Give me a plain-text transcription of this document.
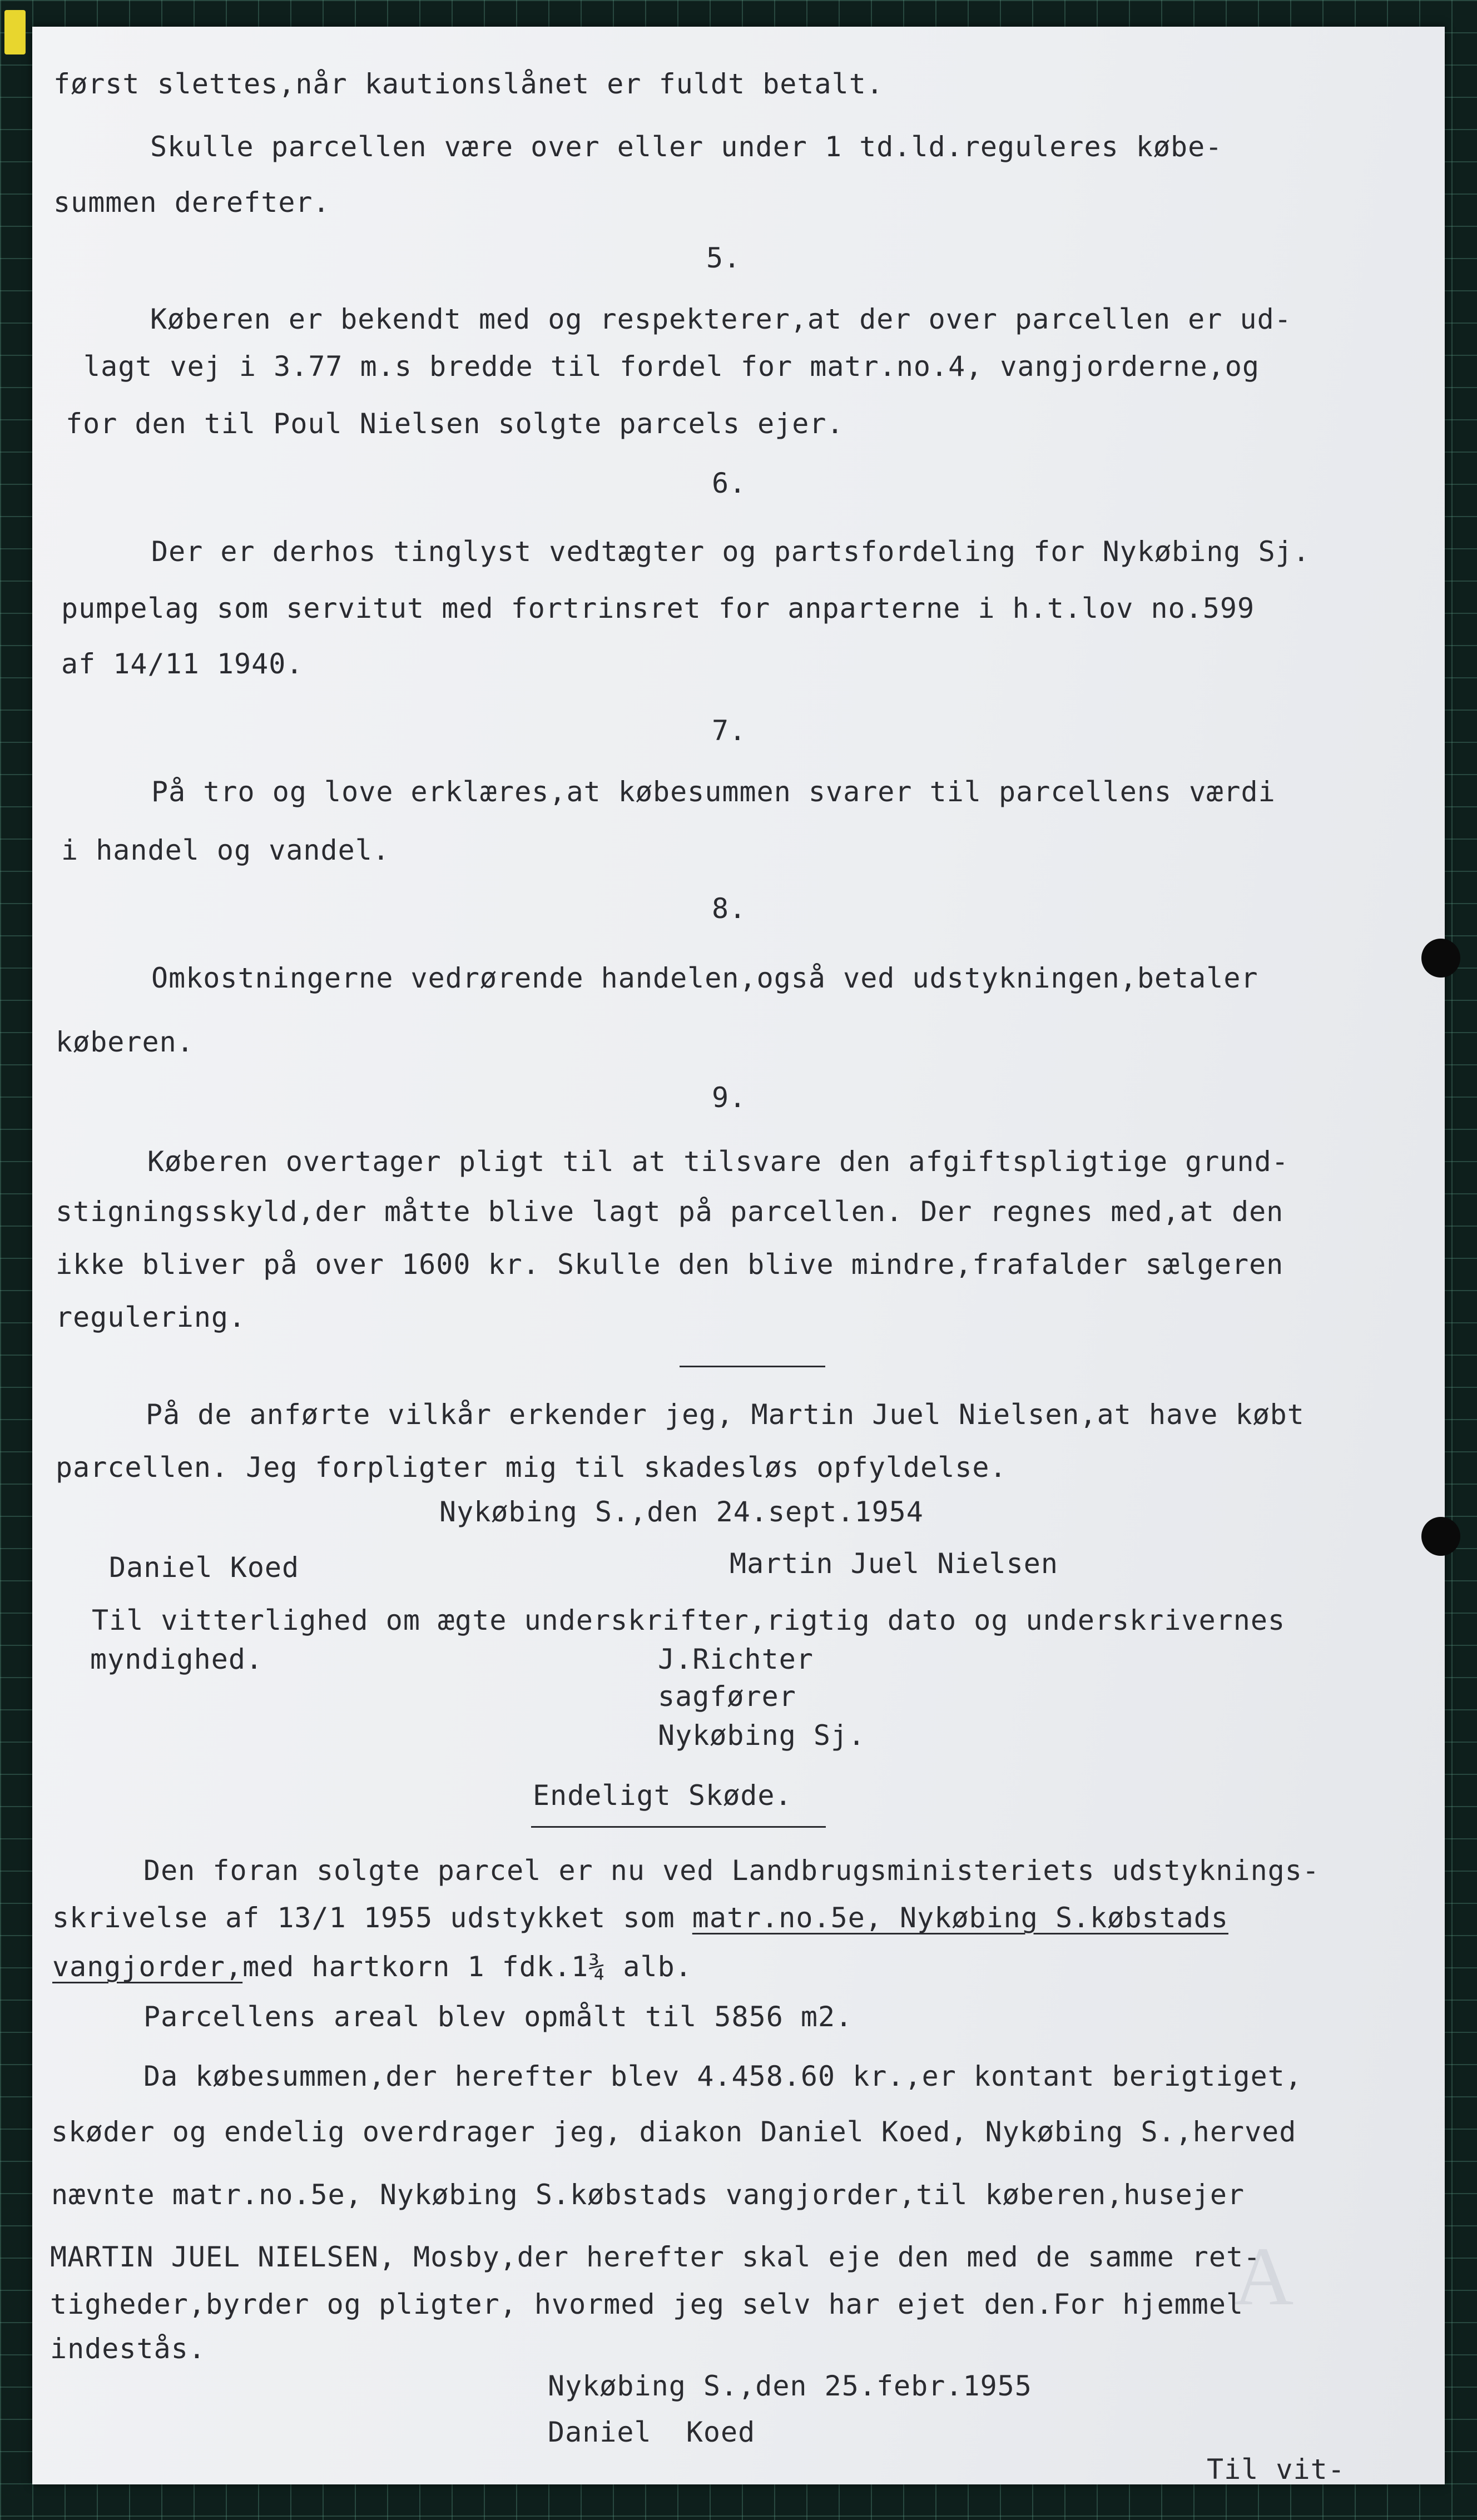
A

først slettes,når kautionslånet er fuldt betalt.

Skulle parcellen være over eller under 1 td.ld.reguleres købe-

summen derefter.

5.

Køberen er bekendt med og respekterer,at der over parcellen er ud-

lagt vej i 3.77 m.s bredde til fordel for matr.no.4, vangjorderne,og

for den til Poul Nielsen solgte parcels ejer.

6.

Der er derhos tinglyst vedtægter og partsfordeling for Nykøbing Sj.

pumpelag som servitut med fortrinsret for anparterne i h.t.lov no.599

af 14/11 1940.

7.

På tro og love erklæres,at købesummen svarer til parcellens værdi

i handel og vandel.

8.

Omkostningerne vedrørende handelen,også ved udstykningen,betaler

køberen.

9.

Køberen overtager pligt til at tilsvare den afgiftspligtige grund-

stigningsskyld,der måtte blive lagt på parcellen. Der regnes med,at den

ikke bliver på over 1600 kr. Skulle den blive mindre,frafalder sælgeren

regulering.

På de anførte vilkår erkender jeg, Martin Juel Nielsen,at have købt

parcellen. Jeg forpligter mig til skadesløs opfyldelse.

Nykøbing S.,den 24.sept.1954

Daniel Koed	Martin Juel Nielsen

Til vitterlighed om ægte underskrifter,rigtig dato og underskrivernes

myndighed.	J.Richter

sagfører

Nykøbing Sj.

Endeligt Skøde.

Den foran solgte parcel er nu ved Landbrugsministeriets udstyknings-

skrivelse af 13/1 1955 udstykket som matr.no.5e, Nykøbing S.købstads

vangjorder,med hartkorn 1 fdk.1¾ alb.

Parcellens areal blev opmålt til 5856 m2.

Da købesummen,der herefter blev 4.458.60 kr.,er kontant berigtiget,

skøder og endelig overdrager jeg, diakon Daniel Koed, Nykøbing S.,herved

nævnte matr.no.5e, Nykøbing S.købstads vangjorder,til køberen,husejer

MARTIN JUEL NIELSEN, Mosby,der herefter skal eje den med de samme ret-

tigheder,byrder og pligter, hvormed jeg selv har ejet den.For hjemmel

indestås.

Nykøbing S.,den 25.febr.1955

Daniel  Koed

Til vit-
